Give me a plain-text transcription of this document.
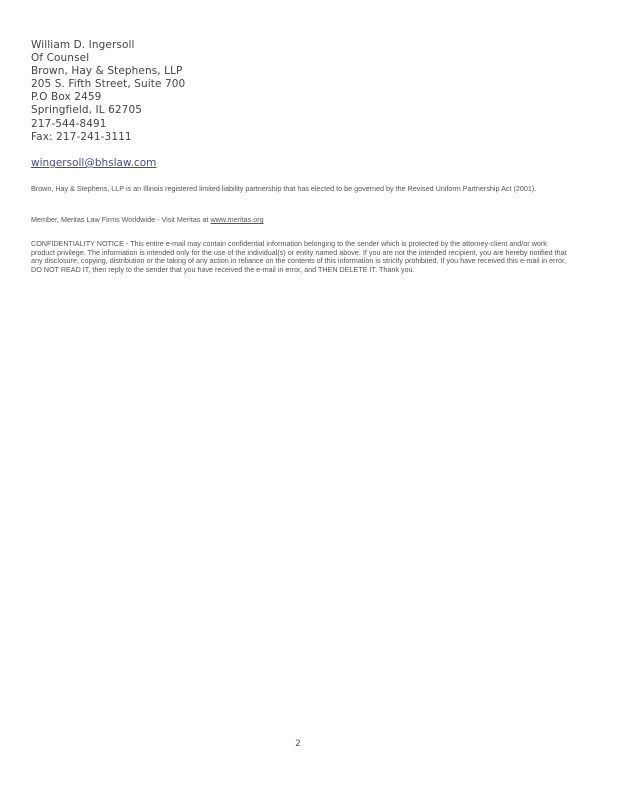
William D. Ingersoll
Of Counsel
Brown, Hay & Stephens, LLP
205 S. Fifth Street, Suite 700
P.O Box 2459
Springfield, IL 62705
217-544-8491
Fax: 217-241-3111
wingersoll@bhslaw.com
Brown, Hay & Stephens, LLP is an Illinois registered limited liability partnership that has elected to be governed by the Revised Uniform Partnership Act (2001).
Member, Meritas Law Firms Worldwide - Visit Meritas at www.meritas.org
CONFIDENTIALITY NOTICE - This entire e-mail may contain confidential information belonging to the sender which is protected by the attorney-client and/or work product privilege. The information is intended only for the use of the individual(s) or entity named above. If you are not the intended recipient, you are hereby notified that any disclosure, copying, distribution or the taking of any action in reliance on the contents of this information is strictly prohibited. If you have received this e-mail in error, DO NOT READ IT, then reply to the sender that you have received the e-mail in error, and THEN DELETE IT. Thank you.
2
